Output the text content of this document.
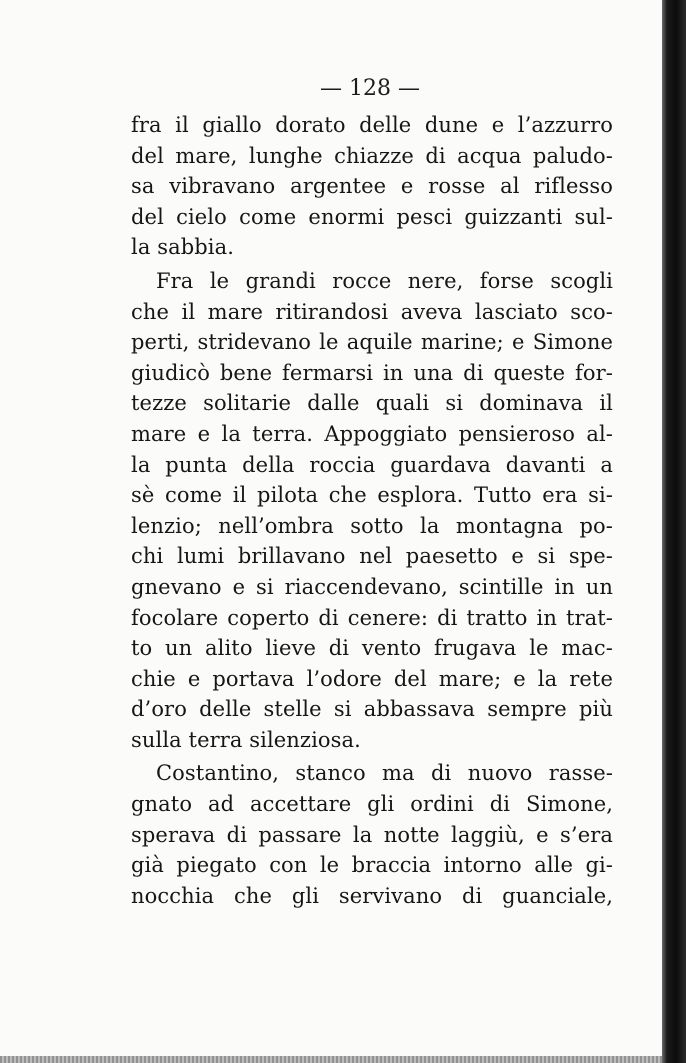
— 128 —
fra il giallo dorato delle dune e l’azzurro
del mare, lunghe chiazze di acqua paludo-
sa vibravano argentee e rosse al riflesso
del cielo come enormi pesci guizzanti sul-
la sabbia.
Fra le grandi rocce nere, forse scogli
che il mare ritirandosi aveva lasciato sco-
perti, stridevano le aquile marine; e Simone
giudicò bene fermarsi in una di queste for-
tezze solitarie dalle quali si dominava il
mare e la terra. Appoggiato pensieroso al-
la punta della roccia guardava davanti a
sè come il pilota che esplora. Tutto era si-
lenzio; nell’ombra sotto la montagna po-
chi lumi brillavano nel paesetto e si spe-
gnevano e si riaccendevano, scintille in un
focolare coperto di cenere: di tratto in trat-
to un alito lieve di vento frugava le mac-
chie e portava l’odore del mare; e la rete
d’oro delle stelle si abbassava sempre più
sulla terra silenziosa.
Costantino, stanco ma di nuovo rasse-
gnato ad accettare gli ordini di Simone,
sperava di passare la notte laggiù, e s’era
già piegato con le braccia intorno alle gi-
nocchia che gli servivano di guanciale,
